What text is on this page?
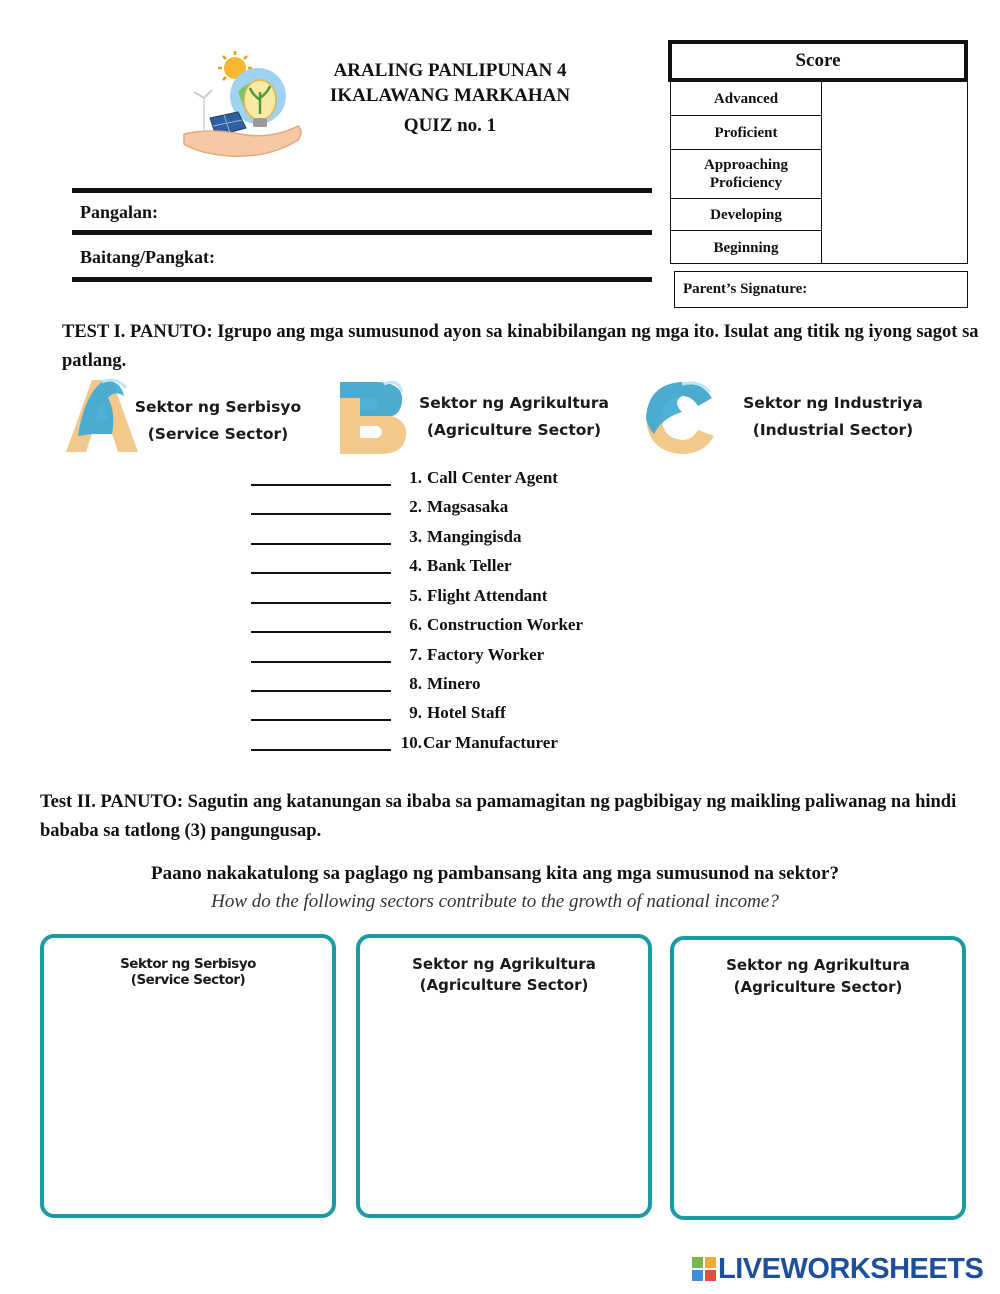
ARALING PANLIPUNAN 4
IKALAWANG MARKAHAN
QUIZ no. 1
Pangalan:
Baitang/Pangkat:
Score
Advanced
Proficient
Approaching Proficiency
Developing
Beginning
Parent’s Signature:
TEST I. PANUTO: Igrupo ang mga sumusunod ayon sa kinabibilangan ng mga ito. Isulat ang titik ng iyong sagot sa patlang.
Sektor ng Serbisyo
(Service Sector)
Sektor ng Agrikultura
(Agriculture Sector)
Sektor ng Industriya
(Industrial Sector)
1. Call Center Agent
2. Magsasaka
3. Mangingisda
4. Bank Teller
5. Flight Attendant
6. Construction Worker
7. Factory Worker
8. Minero
9. Hotel Staff
10. Car Manufacturer
Test II. PANUTO: Sagutin ang katanungan sa ibaba sa pamamagitan ng pagbibigay ng maikling paliwanag na hindi bababa sa tatlong (3) pangungusap.
Paano nakakatulong sa paglago ng pambansang kita ang mga sumusunod na sektor?
How do the following sectors contribute to the growth of national income?
Sektor ng Serbisyo
(Service Sector)
Sektor ng Agrikultura
(Agriculture Sector)
Sektor ng Agrikultura
(Agriculture Sector)
LIVEWORKSHEETS
